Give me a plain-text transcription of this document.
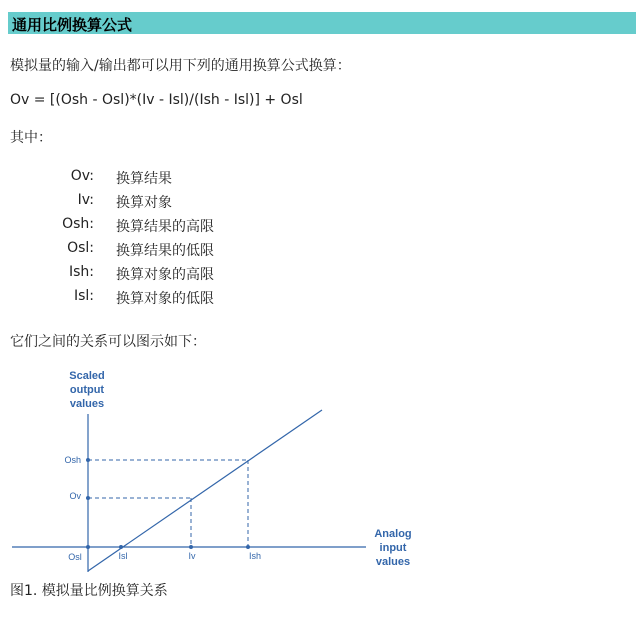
通用比例换算公式
模拟量的输入/输出都可以用下列的通用换算公式换算：
Ov = [(Osh - Osl)*(Iv - Isl)/(Ish - Isl)] + Osl
其中：
Ov: 换算结果
Iv: 换算对象
Osh: 换算结果的高限
Osl: 换算结果的低限
Ish: 换算对象的高限
Isl: 换算对象的低限
它们之间的关系可以图示如下：
Scaled
output
values
Osh
Ov
Osl	Isl	Iv	Ish
Analog
input
values
图1. 模拟量比例换算关系
